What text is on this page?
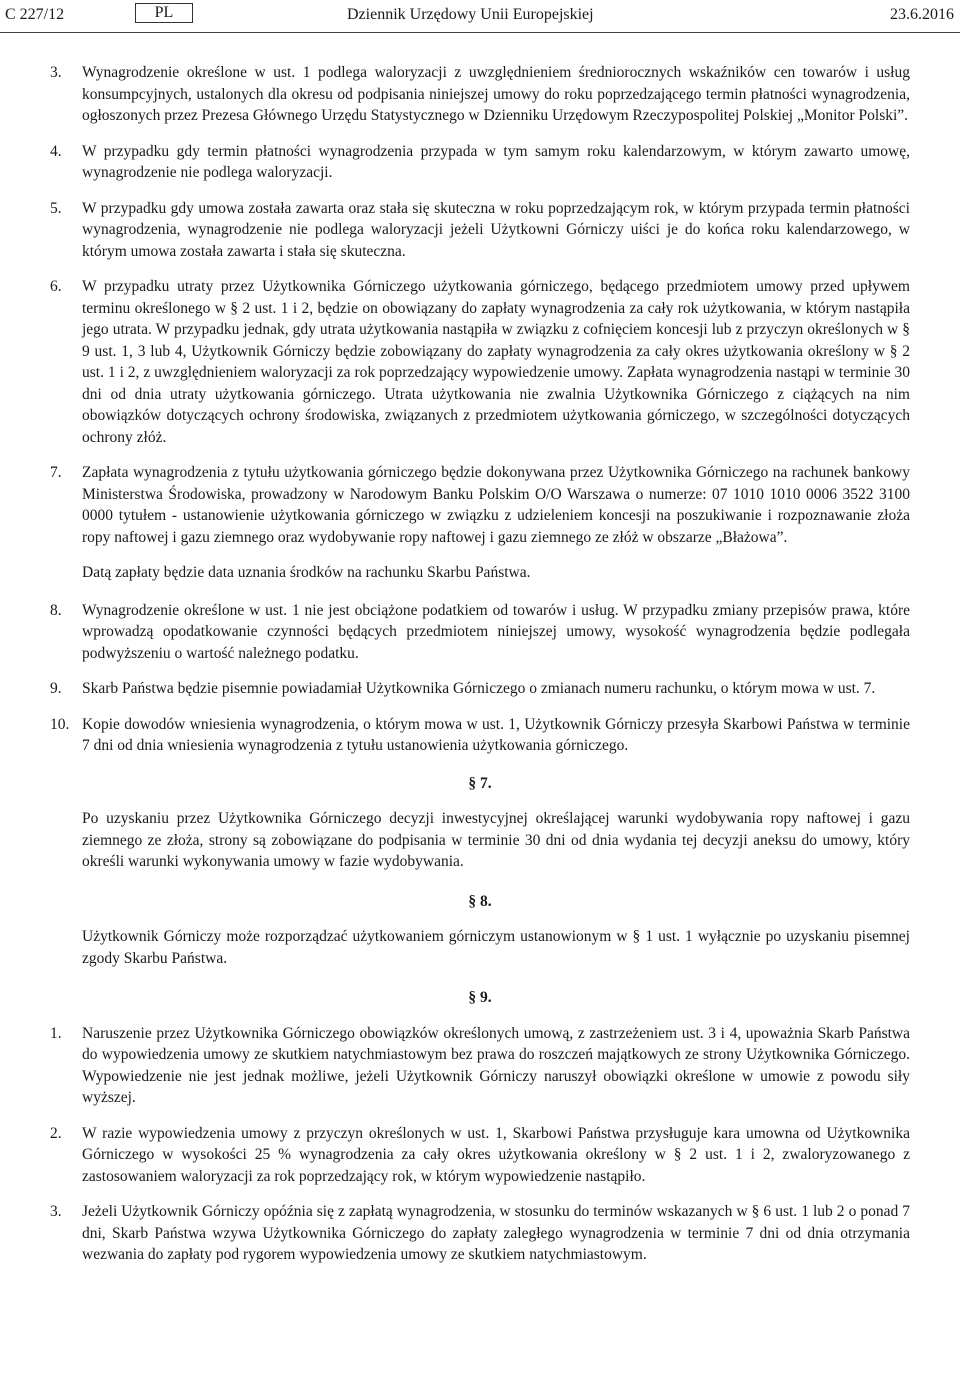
C 227/12	PL	Dziennik Urzędowy Unii Europejskiej	23.6.2016
3.	Wynagrodzenie określone w ust. 1 podlega waloryzacji z uwzględnieniem średniorocznych wskaźników cen towarów i usług konsumpcyjnych, ustalonych dla okresu od podpisania niniejszej umowy do roku poprzedzającego termin płatności wynagrodzenia, ogłoszonych przez Prezesa Głównego Urzędu Statystycznego w Dzienniku Urzędowym Rzeczypospolitej Polskiej „Monitor Polski”.
4.	W przypadku gdy termin płatności wynagrodzenia przypada w tym samym roku kalendarzowym, w którym zawarto umowę, wynagrodzenie nie podlega waloryzacji.
5.	W przypadku gdy umowa została zawarta oraz stała się skuteczna w roku poprzedzającym rok, w którym przypada termin płatności wynagrodzenia, wynagrodzenie nie podlega waloryzacji jeżeli Użytkowni Górniczy uiści je do końca roku kalendarzowego, w którym umowa została zawarta i stała się skuteczna.
6.	W przypadku utraty przez Użytkownika Górniczego użytkowania górniczego, będącego przedmiotem umowy przed upływem terminu określonego w § 2 ust. 1 i 2, będzie on obowiązany do zapłaty wynagrodzenia za cały rok użytkowania, w którym nastąpiła jego utrata. W przypadku jednak, gdy utrata użytkowania nastąpiła w związku z cofnięciem koncesji lub z przyczyn określonych w § 9 ust. 1, 3 lub 4, Użytkownik Górniczy będzie zobowiązany do zapłaty wynagrodzenia za cały okres użytkowania określony w § 2 ust. 1 i 2, z uwzględnieniem waloryzacji za rok poprzedzający wypowiedzenie umowy. Zapłata wynagrodzenia nastąpi w terminie 30 dni od dnia utraty użytkowania górniczego. Utrata użytkowania nie zwalnia Użytkownika Górniczego z ciążących na nim obowiązków dotyczących ochrony środowiska, związanych z przedmiotem użytkowania górniczego, w szczególności dotyczących ochrony złóż.
7.	Zapłata wynagrodzenia z tytułu użytkowania górniczego będzie dokonywana przez Użytkownika Górniczego na rachunek bankowy Ministerstwa Środowiska, prowadzony w Narodowym Banku Polskim O/O Warszawa o numerze: 07 1010 1010 0006 3522 3100 0000 tytułem - ustanowienie użytkowania górniczego w związku z udzieleniem koncesji na poszukiwanie i rozpoznawanie złoża ropy naftowej i gazu ziemnego oraz wydobywanie ropy naftowej i gazu ziemnego ze złóż w obszarze „Błażowa”.
Datą zapłaty będzie data uznania środków na rachunku Skarbu Państwa.
8.	Wynagrodzenie określone w ust. 1 nie jest obciążone podatkiem od towarów i usług. W przypadku zmiany przepisów prawa, które wprowadzą opodatkowanie czynności będących przedmiotem niniejszej umowy, wysokość wynagrodzenia będzie podlegała podwyższeniu o wartość należnego podatku.
9.	Skarb Państwa będzie pisemnie powiadamiał Użytkownika Górniczego o zmianach numeru rachunku, o którym mowa w ust. 7.
10. Kopie dowodów wniesienia wynagrodzenia, o którym mowa w ust. 1, Użytkownik Górniczy przesyła Skarbowi Państwa w terminie 7 dni od dnia wniesienia wynagrodzenia z tytułu ustanowienia użytkowania górniczego.
§ 7.
Po uzyskaniu przez Użytkownika Górniczego decyzji inwestycyjnej określającej warunki wydobywania ropy naftowej i gazu ziemnego ze złoża, strony są zobowiązane do podpisania w terminie 30 dni od dnia wydania tej decyzji aneksu do umowy, który określi warunki wykonywania umowy w fazie wydobywania.
§ 8.
Użytkownik Górniczy może rozporządzać użytkowaniem górniczym ustanowionym w § 1 ust. 1 wyłącznie po uzyskaniu pisemnej zgody Skarbu Państwa.
§ 9.
1.	Naruszenie przez Użytkownika Górniczego obowiązków określonych umową, z zastrzeżeniem ust. 3 i 4, upoważnia Skarb Państwa do wypowiedzenia umowy ze skutkiem natychmiastowym bez prawa do roszczeń majątkowych ze strony Użytkownika Górniczego. Wypowiedzenie nie jest jednak możliwe, jeżeli Użytkownik Górniczy naruszył obowiązki określone w umowie z powodu siły wyższej.
2.	W razie wypowiedzenia umowy z przyczyn określonych w ust. 1, Skarbowi Państwa przysługuje kara umowna od Użytkownika Górniczego w wysokości 25 % wynagrodzenia za cały okres użytkowania określony w § 2 ust. 1 i 2, zwaloryzowanego z zastosowaniem waloryzacji za rok poprzedzający rok, w którym wypowiedzenie nastąpiło.
3.	Jeżeli Użytkownik Górniczy opóźnia się z zapłatą wynagrodzenia, w stosunku do terminów wskazanych w § 6 ust. 1 lub 2 o ponad 7 dni, Skarb Państwa wzywa Użytkownika Górniczego do zapłaty zaległego wynagrodzenia w terminie 7 dni od dnia otrzymania wezwania do zapłaty pod rygorem wypowiedzenia umowy ze skutkiem natychmiastowym.
